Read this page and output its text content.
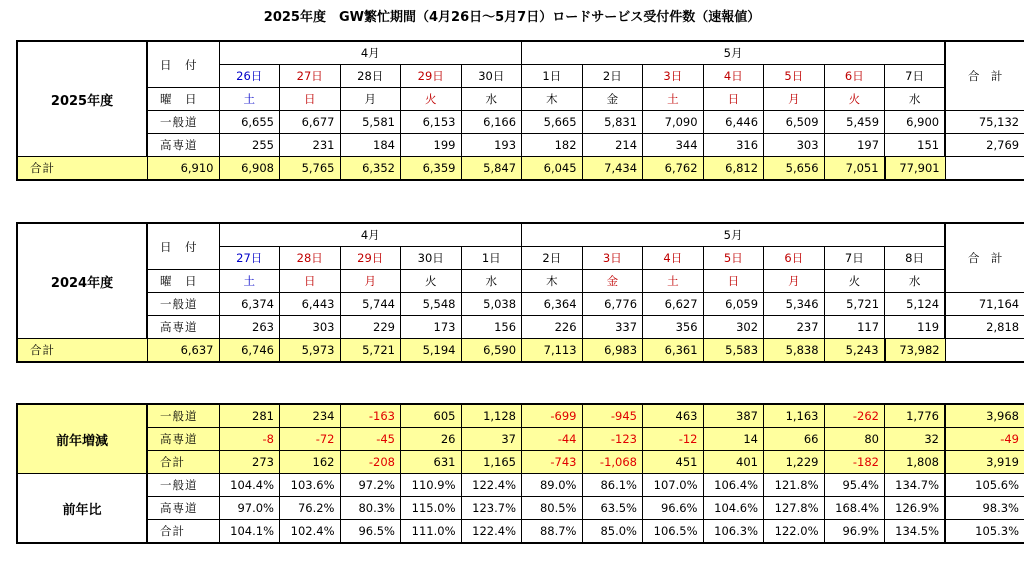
2025年度　GW繁忙期間（4月26日～5月7日）ロードサービス受付件数（速報値）
2025年度	日　付	4月					5月							合　計
		26日	27日	28日	29日	30日	1日	2日	3日	4日	5日	6日	7日	
	曜　日	土	日	月	火	水	木	金	土	日	月	火	水	
	一般道	6,655	6,677	5,581	6,153	6,166	5,665	5,831	7,090	6,446	6,509	5,459	6,900	75,132
	高専道	255	231	184	199	193	182	214	344	316	303	197	151	2,769
合計	6,910	6,908	5,765	6,352	6,359	5,847	6,045	7,434	6,762	6,812	5,656	7,051	77,901	
2024年度	日　付	4月					5月							合　計
		27日	28日	29日	30日	1日	2日	3日	4日	5日	6日	7日	8日	
	曜　日	土	日	月	火	水	木	金	土	日	月	火	水	
	一般道	6,374	6,443	5,744	5,548	5,038	6,364	6,776	6,627	6,059	5,346	5,721	5,124	71,164
	高専道	263	303	229	173	156	226	337	356	302	237	117	119	2,818
合計	6,637	6,746	5,973	5,721	5,194	6,590	7,113	6,983	6,361	5,583	5,838	5,243	73,982	
前年増減	一般道	281	234	-163	605	1,128	-699	-945	463	387	1,163	-262	1,776	3,968
	高専道	-8	-72	-45	26	37	-44	-123	-12	14	66	80	32	-49
	合計	273	162	-208	631	1,165	-743	-1,068	451	401	1,229	-182	1,808	3,919
前年比	一般道	104.4%	103.6%	97.2%	110.9%	122.4%	89.0%	86.1%	107.0%	106.4%	121.8%	95.4%	134.7%	105.6%
	高専道	97.0%	76.2%	80.3%	115.0%	123.7%	80.5%	63.5%	96.6%	104.6%	127.8%	168.4%	126.9%	98.3%
	合計	104.1%	102.4%	96.5%	111.0%	122.4%	88.7%	85.0%	106.5%	106.3%	122.0%	96.9%	134.5%	105.3%
